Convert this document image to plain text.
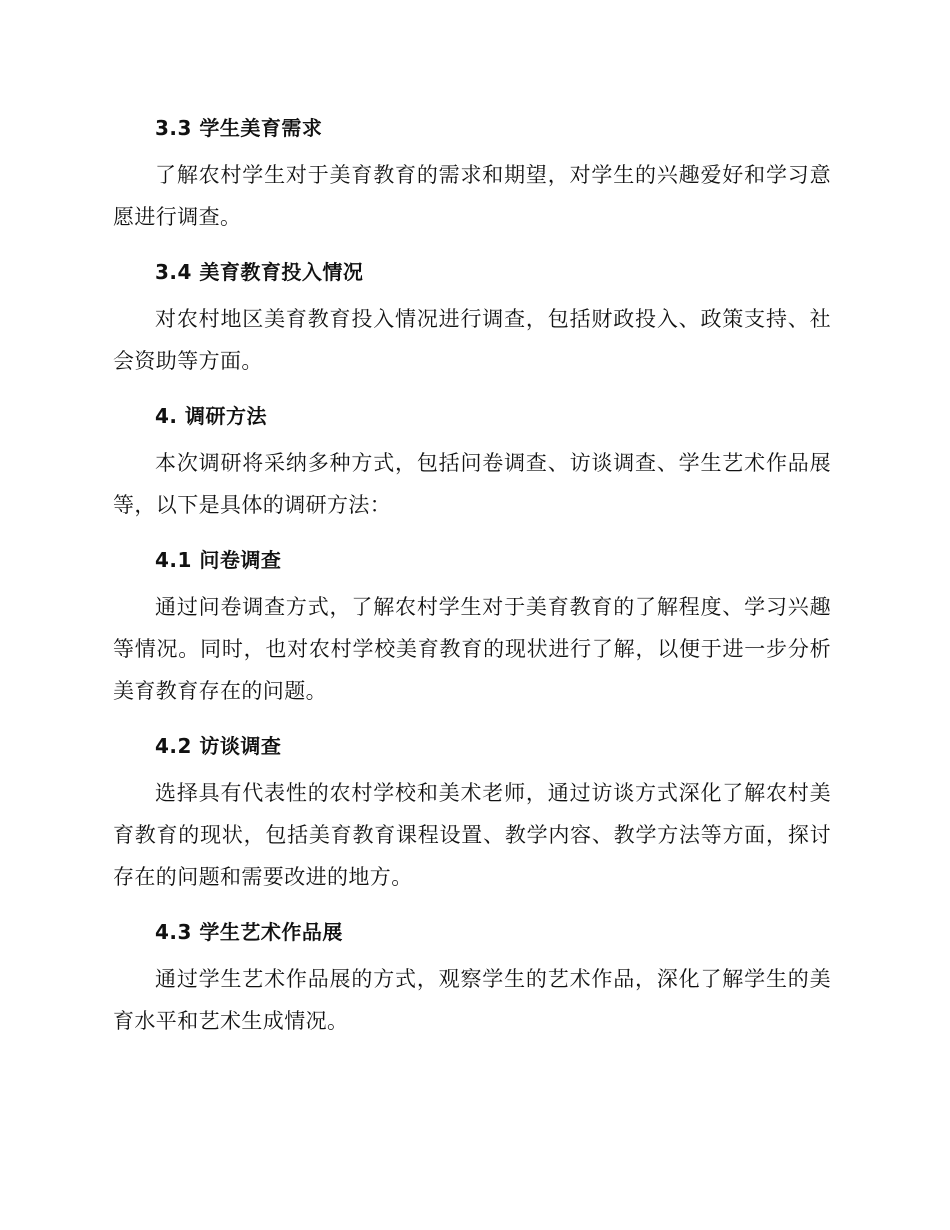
3.3 学生美育需求

了解农村学生对于美育教育的需求和期望，对学生的兴趣爱好和学习意愿进行调查。

3.4 美育教育投入情况

对农村地区美育教育投入情况进行调查，包括财政投入、政策支持、社会资助等方面。

4. 调研方法

本次调研将采纳多种方式，包括问卷调查、访谈调查、学生艺术作品展等，以下是具体的调研方法：

4.1 问卷调查

通过问卷调查方式，了解农村学生对于美育教育的了解程度、学习兴趣等情况。同时，也对农村学校美育教育的现状进行了解，以便于进一步分析美育教育存在的问题。

4.2 访谈调查

选择具有代表性的农村学校和美术老师，通过访谈方式深化了解农村美育教育的现状，包括美育教育课程设置、教学内容、教学方法等方面，探讨存在的问题和需要改进的地方。

4.3 学生艺术作品展

通过学生艺术作品展的方式，观察学生的艺术作品，深化了解学生的美育水平和艺术生成情况。
